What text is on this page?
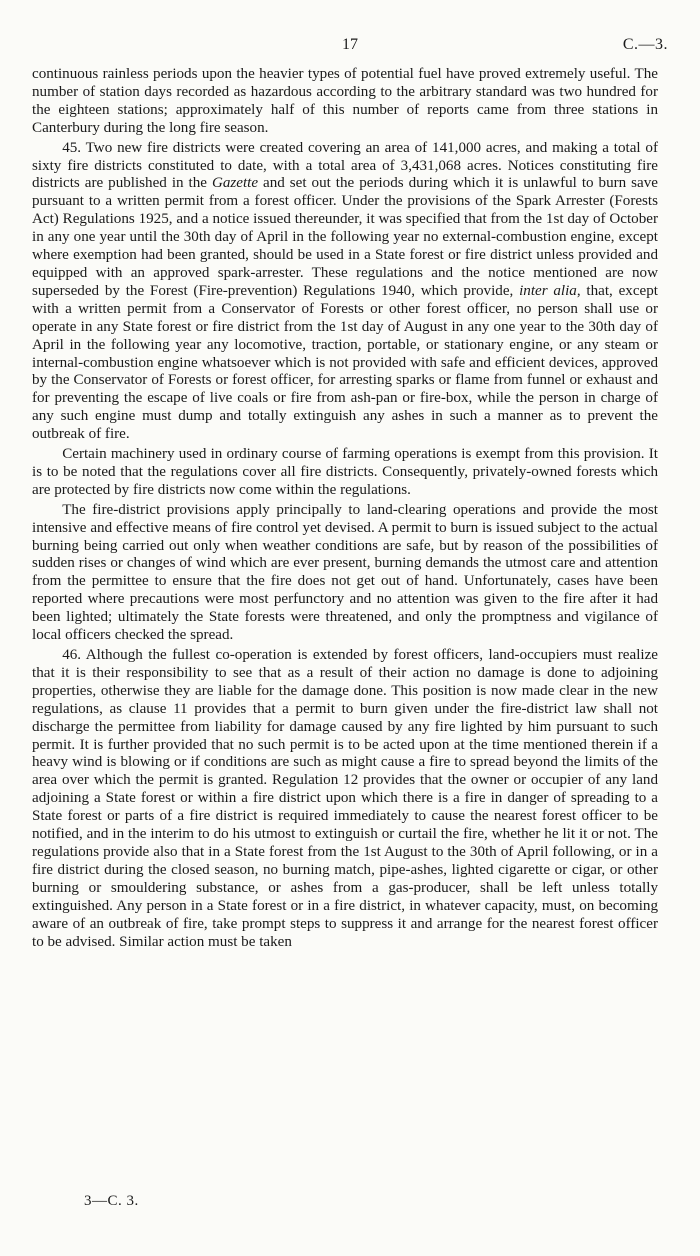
17	C.—3.

continuous rainless periods upon the heavier types of potential fuel have proved extremely useful. The number of station days recorded as hazardous according to the arbitrary standard was two hundred for the eighteen stations; approximately half of this number of reports came from three stations in Canterbury during the long fire season.

45. Two new fire districts were created covering an area of 141,000 acres, and making a total of sixty fire districts constituted to date, with a total area of 3,431,068 acres. Notices constituting fire districts are published in the Gazette and set out the periods during which it is unlawful to burn save pursuant to a written permit from a forest officer. Under the provisions of the Spark Arrester (Forests Act) Regulations 1925, and a notice issued thereunder, it was specified that from the 1st day of October in any one year until the 30th day of April in the following year no external-combustion engine, except where exemption had been granted, should be used in a State forest or fire district unless provided and equipped with an approved spark-arrester. These regulations and the notice mentioned are now superseded by the Forest (Fire-prevention) Regulations 1940, which provide, inter alia, that, except with a written permit from a Conservator of Forests or other forest officer, no person shall use or operate in any State forest or fire district from the 1st day of August in any one year to the 30th day of April in the following year any locomotive, traction, portable, or stationary engine, or any steam or internal-combustion engine whatsoever which is not provided with safe and efficient devices, approved by the Conservator of Forests or forest officer, for arresting sparks or flame from funnel or exhaust and for preventing the escape of live coals or fire from ash-pan or fire-box, while the person in charge of any such engine must dump and totally extinguish any ashes in such a manner as to prevent the outbreak of fire.

Certain machinery used in ordinary course of farming operations is exempt from this provision. It is to be noted that the regulations cover all fire districts. Consequently, privately-owned forests which are protected by fire districts now come within the regulations.

The fire-district provisions apply principally to land-clearing operations and provide the most intensive and effective means of fire control yet devised. A permit to burn is issued subject to the actual burning being carried out only when weather conditions are safe, but by reason of the possibilities of sudden rises or changes of wind which are ever present, burning demands the utmost care and attention from the permittee to ensure that the fire does not get out of hand. Unfortunately, cases have been reported where precautions were most perfunctory and no attention was given to the fire after it had been lighted; ultimately the State forests were threatened, and only the promptness and vigilance of local officers checked the spread.

46. Although the fullest co-operation is extended by forest officers, land-occupiers must realize that it is their responsibility to see that as a result of their action no damage is done to adjoining properties, otherwise they are liable for the damage done. This position is now made clear in the new regulations, as clause 11 provides that a permit to burn given under the fire-district law shall not discharge the permittee from liability for damage caused by any fire lighted by him pursuant to such permit. It is further provided that no such permit is to be acted upon at the time mentioned therein if a heavy wind is blowing or if conditions are such as might cause a fire to spread beyond the limits of the area over which the permit is granted. Regulation 12 provides that the owner or occupier of any land adjoining a State forest or within a fire district upon which there is a fire in danger of spreading to a State forest or parts of a fire district is required immediately to cause the nearest forest officer to be notified, and in the interim to do his utmost to extinguish or curtail the fire, whether he lit it or not. The regulations provide also that in a State forest from the 1st August to the 30th of April following, or in a fire district during the closed season, no burning match, pipe-ashes, lighted cigarette or cigar, or other burning or smouldering substance, or ashes from a gas-producer, shall be left unless totally extinguished. Any person in a State forest or in a fire district, in whatever capacity, must, on becoming aware of an outbreak of fire, take prompt steps to suppress it and arrange for the nearest forest officer to be advised. Similar action must be taken

3—C. 3.
